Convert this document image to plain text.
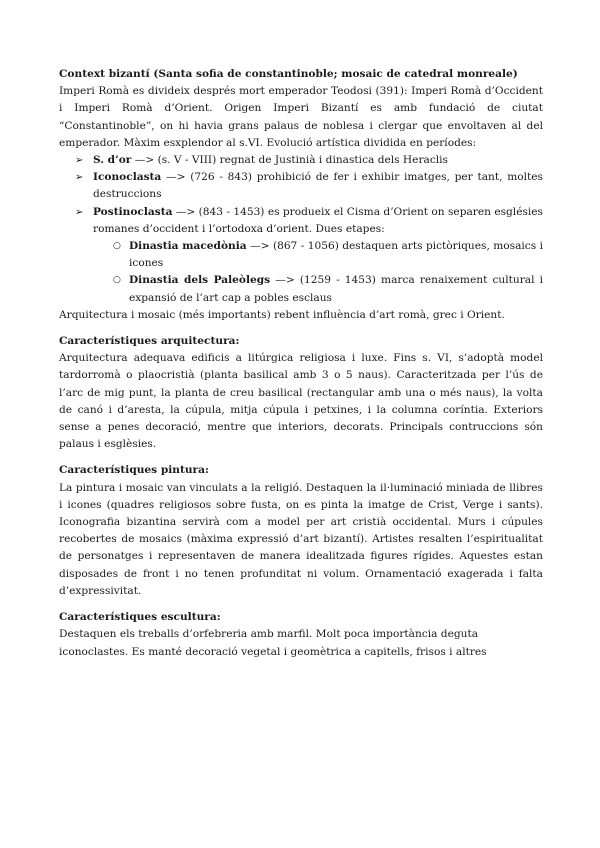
Context bizantí (Santa sofia de constantinoble; mosaic de catedral monreale)

Imperi Romà es divideix després mort emperador Teodosi (391): Imperi Romà d’Occident i Imperi Romà d’Orient. Origen Imperi Bizantí es amb fundació de ciutat “Constantinoble”, on hi havia grans palaus de noblesa i clergar que envoltaven al del emperador. Màxim esxplendor al s.VI. Evolució artística dividida en períodes:

➢ S. d’or —> (s. V - VIII) regnat de Justinià i dinastica dels Heraclis
➢ Iconoclasta —> (726 - 843) prohibició de fer i exhibir imatges, per tant, moltes destruccions
➢ Postinoclasta —> (843 - 1453) es produeix el Cisma d’Orient on separen esglésies romanes d’occident i l’ortodoxa d’orient. Dues etapes:
○ Dinastia macedònia —> (867 - 1056) destaquen arts pictòriques, mosaics i icones
○ Dinastia dels Paleòlegs —> (1259 - 1453) marca renaixement cultural i expansió de l’art cap a pobles esclaus

Arquitectura i mosaic (més importants) rebent influència d’art romà, grec i Orient.

Característiques arquitectura:

Arquitectura adequava edificis a litúrgica religiosa i luxe. Fins s. VI, s’adoptà model tardorromà o plaocristià (planta basilical amb 3 o 5 naus). Caracteritzada per l’ús de l’arc de mig punt, la planta de creu basilical (rectangular amb una o més naus), la volta de canó i d’aresta, la cúpula, mitja cúpula i petxines, i la columna coríntia. Exteriors sense a penes decoració, mentre que interiors, decorats. Principals contruccions són palaus i esglèsies.

Característiques pintura:

La pintura i mosaic van vinculats a la religió. Destaquen la il·luminació miniada de llibres i icones (quadres religiosos sobre fusta, on es pinta la imatge de Crist, Verge i sants). Iconografia bizantina servirà com a model per art cristià occidental. Murs i cúpules recobertes de mosaics (màxima expressió d’art bizantí). Artistes resalten l’espiritualitat de personatges i representaven de manera idealitzada figures rígides. Aquestes estan disposades de front i no tenen profunditat ni volum. Ornamentació exagerada i falta d’expressivitat.

Característiques escultura:

Destaquen els treballs d’orfebreria amb marfil. Molt poca importància deguta iconoclastes. Es manté decoració vegetal i geomètrica a capitells, frisos i altres
